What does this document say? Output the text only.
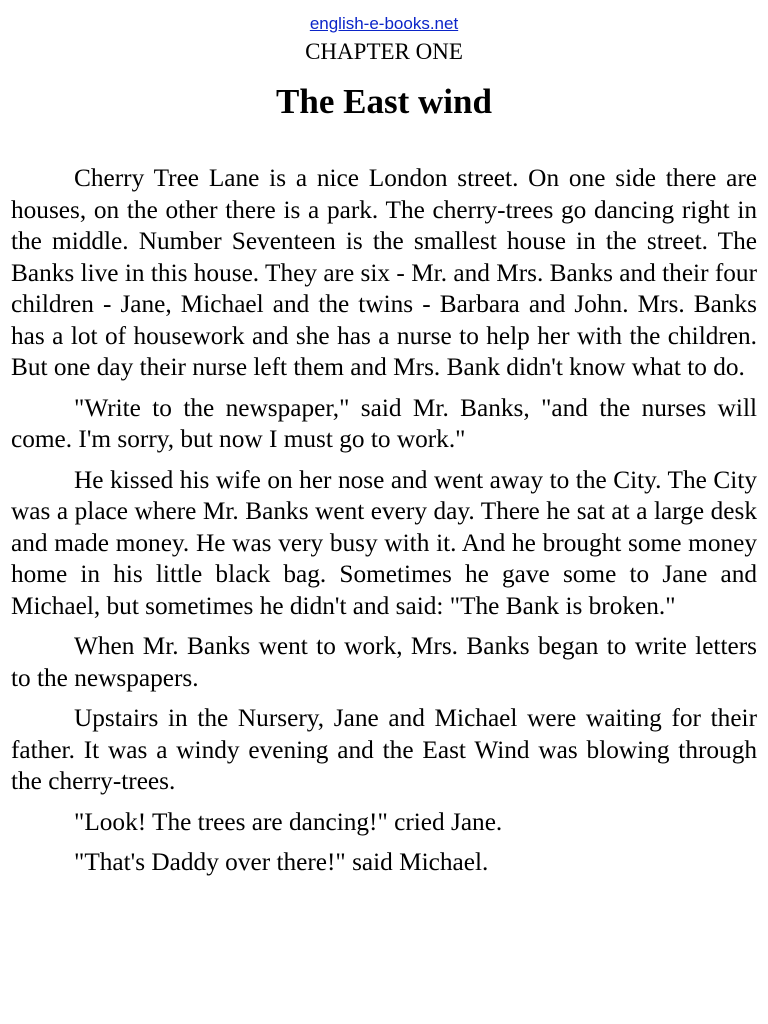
english-e-books.net
CHAPTER ONE
The East wind

Cherry Tree Lane is a nice London street. On one side there are houses, on the other there is a park. The cherry-trees go dancing right in the middle. Number Seventeen is the smallest house in the street. The Banks live in this house. They are six - Mr. and Mrs. Banks and their four children - Jane, Michael and the twins - Barbara and John. Mrs. Banks has a lot of housework and she has a nurse to help her with the children. But one day their nurse left them and Mrs. Bank didn't know what to do.

"Write to the newspaper," said Mr. Banks, "and the nurses will come. I'm sorry, but now I must go to work."

He kissed his wife on her nose and went away to the City. The City was a place where Mr. Banks went every day. There he sat at a large desk and made money. He was very busy with it. And he brought some money home in his little black bag. Sometimes he gave some to Jane and Michael, but sometimes he didn't and said: "The Bank is broken."

When Mr. Banks went to work, Mrs. Banks began to write letters to the newspapers.

Upstairs in the Nursery, Jane and Michael were waiting for their father. It was a windy evening and the East Wind was blowing through the cherry-trees.

"Look! The trees are dancing!" cried Jane.

"That's Daddy over there!" said Michael.
